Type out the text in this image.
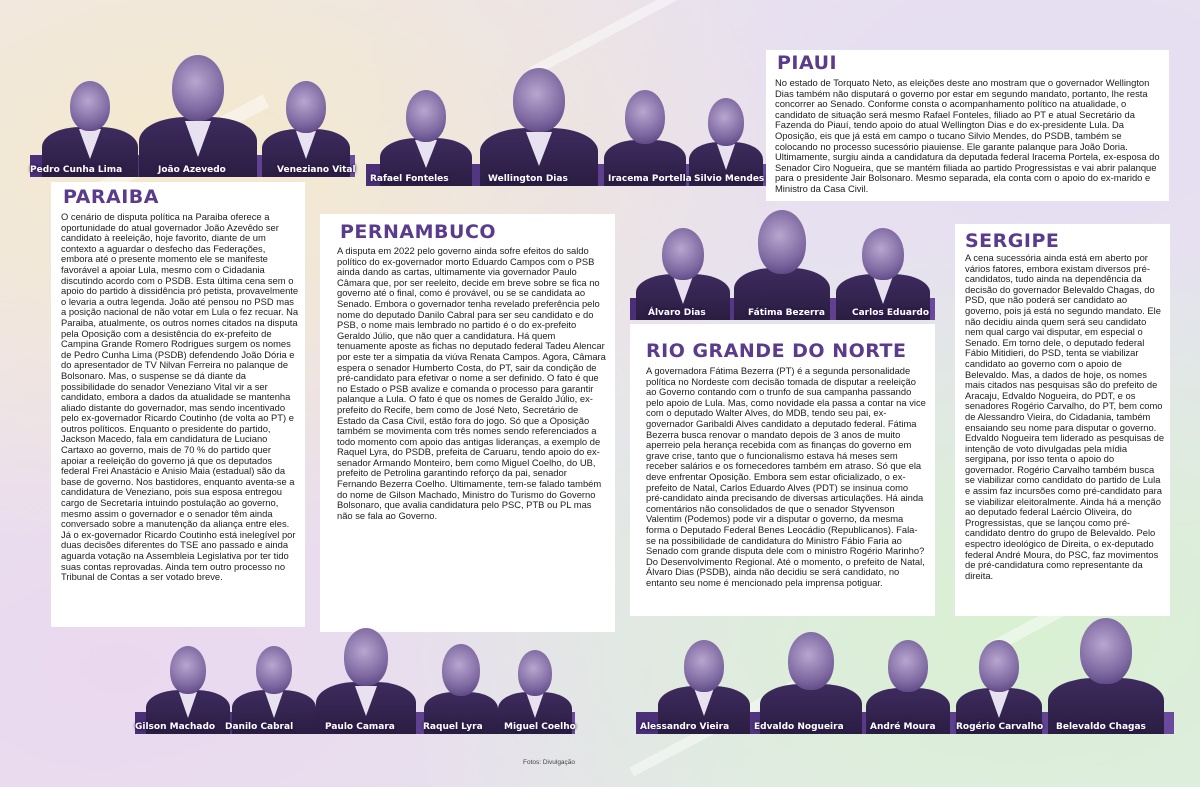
Pedro Cunha Lima	João Azevedo	Veneziano Vital
PARAIBA
O cenário de disputa política na Paraiba oferece a oportunidade do atual governador João Azevêdo ser candidato à reeleição, hoje favorito, diante de um contexto a aguardar o desfecho das Federações, embora até o presente momento ele se manifeste favorável a apoiar Lula, mesmo com o Cidadania discutindo acordo com o PSDB. Esta última cena sem o apoio do partido à dissidência pró petista, provavelmente o levaria a outra legenda. João até pensou no PSD mas a posição nacional de não votar em Lula o fez recuar. Na Paraiba, atualmente, os outros nomes citados na disputa pela Oposição com a desistência do ex-prefeito de Campina Grande Romero Rodrigues surgem os nomes de Pedro Cunha Lima (PSDB) defendendo João Dória e do apresentador de TV Nilvan Ferreira no palanque de Bolsonaro. Mas, o suspense se dá diante da possibilidade do senador Veneziano Vital vir a ser candidato, embora a dados da atualidade se mantenha aliado distante do governador, mas sendo incentivado pelo ex-governador Ricardo Coutinho (de volta ao PT) e outros políticos. Enquanto o presidente do partido, Jackson Macedo, fala em candidatura de Luciano Cartaxo ao governo, mais de 70 % do partido quer apoiar a reeleição do governo já que os deputados federal Frei Anastácio e Anisio Maia (estadual) são da base de governo. Nos bastidores, enquanto aventa-se a candidatura de Veneziano, pois sua esposa entregou cargo de Secretaria intuindo postulação ao governo, mesmo assim o governador e o senador têm ainda conversado sobre a manutenção da aliança entre eles. Já o ex-governador Ricardo Coutinho está inelegível por duas decisões diferentes do TSE ano passado e ainda aguarda votação na Assembleia Legislativa por ter tido suas contas reprovadas. Ainda tem outro processo no Tribunal de Contas a ser votado breve.
Rafael Fonteles	Wellington Dias	Iracema Portella Silvio Mendes
PIAUI
No estado de Torquato Neto, as eleições deste ano mostram que o governador Wellington Dias também não disputará o governo por estar em segundo mandato, portanto, lhe resta concorrer ao Senado. Conforme consta o acompanhamento político na atualidade, o candidato de situação será mesmo Rafael Fonteles, filiado ao PT e atual Secretário da Fazenda do Piauí, tendo apoio do atual Wellington Dias e do ex-presidente Lula. Da Oposição, eis que já está em campo o tucano Silvio Mendes, do PSDB, também se colocando no processo sucessório piauiense. Ele garante palanque para João Doria. Ultimamente, surgiu ainda a candidatura da deputada federal Iracema Portela, ex-esposa do Senador Ciro Nogueira, que se mantém filiada ao partido Progressistas e vai abrir palanque para o presidente Jair Bolsonaro. Mesmo separada, ela conta com o apoio do ex-marido e Ministro da Casa Civil.
PERNAMBUCO
A disputa em 2022 pelo governo ainda sofre efeitos do saldo político do ex-governador morto Eduardo Campos com o PSB ainda dando as cartas, ultimamente via governador Paulo Câmara que, por ser reeleito, decide em breve sobre se fica no governo até o final, como é provável, ou se se candidata ao Senado. Embora o governador tenha revelado preferência pelo nome do deputado Danilo Cabral para ser seu candidato e do PSB, o nome mais lembrado no partido é o do ex-prefeito Geraldo Júlio, que não quer a candidatura. Há quem tenuamente aposte as fichas no deputado federal Tadeu Alencar por este ter a simpatia da viúva Renata Campos. Agora, Câmara espera o senador Humberto Costa, do PT, sair da condição de pré-candidato para efetivar o nome a ser definido. O fato é que no Estado o PSB avalize e comanda o processo para garantir palanque a Lula. O fato é que os nomes de Geraldo Júlio, ex-prefeito do Recife, bem como de José Neto, Secretário de Estado da Casa Civil, estão fora do jogo. Só que a Oposição também se movimenta com três nomes sendo referenciados a todo momento com apoio das antigas lideranças, a exemplo de Raquel Lyra, do PSDB, prefeita de Caruaru, tendo apoio do ex-senador Armando Monteiro, bem como Miguel Coelho, do UB, prefeito de Petrolina garantindo reforço da pai, senador Fernando Bezerra Coelho. Ultimamente, tem-se falado também do nome de Gilson Machado, Ministro do Turismo do Governo Bolsonaro, que avalia candidatura pelo PSC, PTB ou PL mas não se fala ao Governo.
Gilson Machado Danilo Cabral	Paulo Camara	Raquel Lyra Miguel Coelho
Álvaro Dias	Fátima Bezerra	Carlos Eduardo
RIO GRANDE DO NORTE
A governadora Fátima Bezerra (PT) é a segunda personalidade política no Nordeste com decisão tomada de disputar a reeleição ao Governo contando com o trunfo de sua campanha passando pelo apoio de Lula. Mas, como novidade ela passa a contar na vice com o deputado Walter Alves, do MDB, tendo seu pai, ex-governador Garibaldi Alves candidato a deputado federal. Fátima Bezerra busca renovar o mandato depois de 3 anos de muito aperreio pela herança recebida com as finanças do governo em grave crise, tanto que o funcionalismo estava há meses sem receber salários e os fornecedores também em atraso. Só que ela deve enfrentar Oposição. Embora sem estar oficializado, o ex-prefeito de Natal, Carlos Eduardo Alves (PDT) se insinua como pré-candidato ainda precisando de diversas articulações. Há ainda comentários não consolidados de que o senador Styvenson Valentim (Podemos) pode vir a disputar o governo, da mesma forma o Deputado Federal Benes Leocádio (Republicanos). Fala-se na possibilidade de candidatura do Ministro Fábio Faria ao Senado com grande disputa dele com o ministro Rogério Marinho? Do Desenvolvimento Regional. Até o momento, o prefeito de Natal, Álvaro Dias (PSDB), ainda não decidiu se será candidato, no entanto seu nome é mencionado pela imprensa potiguar.
SERGIPE
A cena sucessória ainda está em aberto por vários fatores, embora existam diversos pré-candidatos, tudo ainda na dependência da decisão do governador Belevaldo Chagas, do PSD, que não poderá ser candidato ao governo, pois já está no segundo mandato. Ele não decidiu ainda quem será seu candidato nem qual cargo vai disputar, em especial o Senado. Em torno dele, o deputado federal Fábio Mitidieri, do PSD, tenta se viabilizar candidato ao governo com o apoio de Belevaldo. Mas, a dados de hoje, os nomes mais citados nas pesquisas são do prefeito de Aracaju, Edvaldo Nogueira, do PDT, e os senadores Rogério Carvalho, do PT, bem como de Alessandro Vieira, do Cidadania, também ensaiando seu nome para disputar o governo. Edvaldo Nogueira tem liderado as pesquisas de intenção de voto divulgadas pela mídia sergipana, por isso tenta o apoio do governador. Rogério Carvalho também busca se viabilizar como candidato do partido de Lula e assim faz incursões como pré-candidato para se viabilizar eleitoralmente. Ainda há a menção ao deputado federal Laércio Oliveira, do Progressistas, que se lançou como pré-candidato dentro do grupo de Belevaldo. Pelo espectro ideológico de Direita, o ex-deputado federal André Moura, do PSC, faz movimentos de pré-candidatura como representante da direita.
Alessandro Vieira	Edvaldo Nogueira	André Moura Rogério Carvalho Belevaldo Chagas
Fotos: Divulgação
